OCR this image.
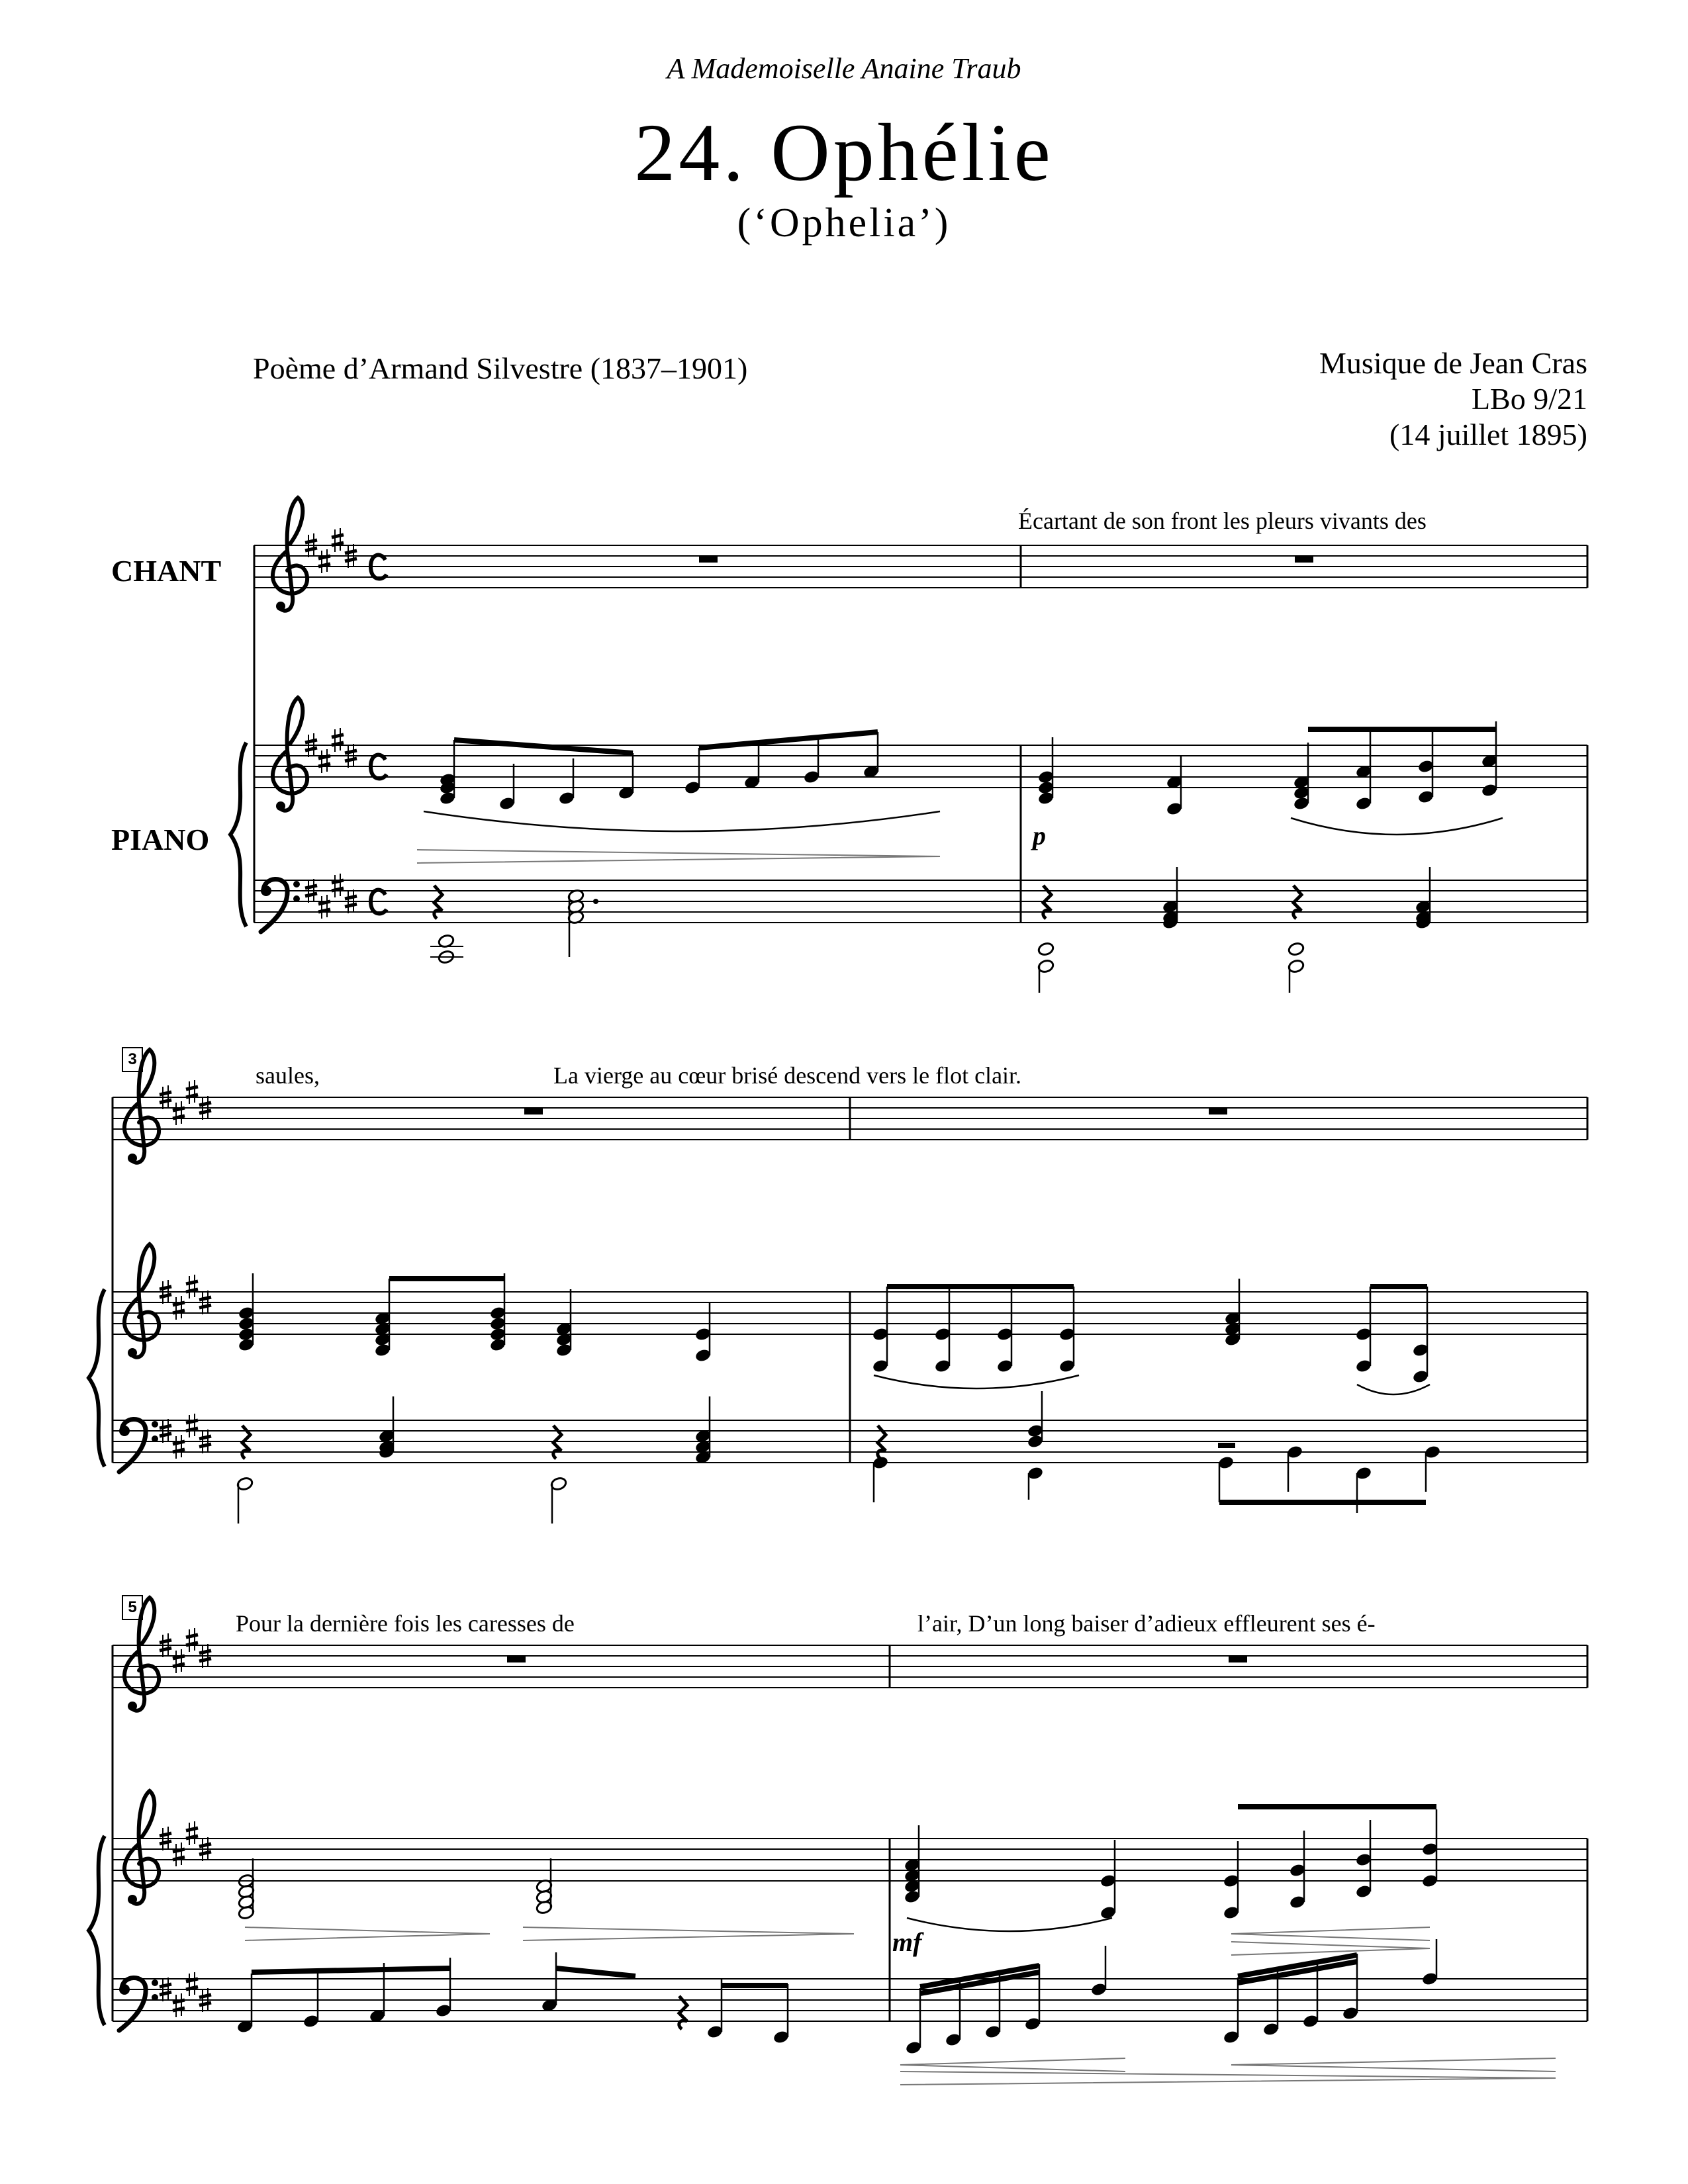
A Mademoiselle Anaine Traub
24. Ophélie
(‘Ophelia’)
Poème d’Armand Silvestre (1837–1901)	Musique de Jean Cras
LBo 9/21
(14 juillet 1895)
CHANT
PIANO
Écartant de son front les pleurs vivants des
saules,	La vierge au cœur brisé descend vers le flot clair.
Pour la dernière fois les caresses de	l’air, D’un long baiser d’adieux effleurent ses é-
3
5
p
mf
